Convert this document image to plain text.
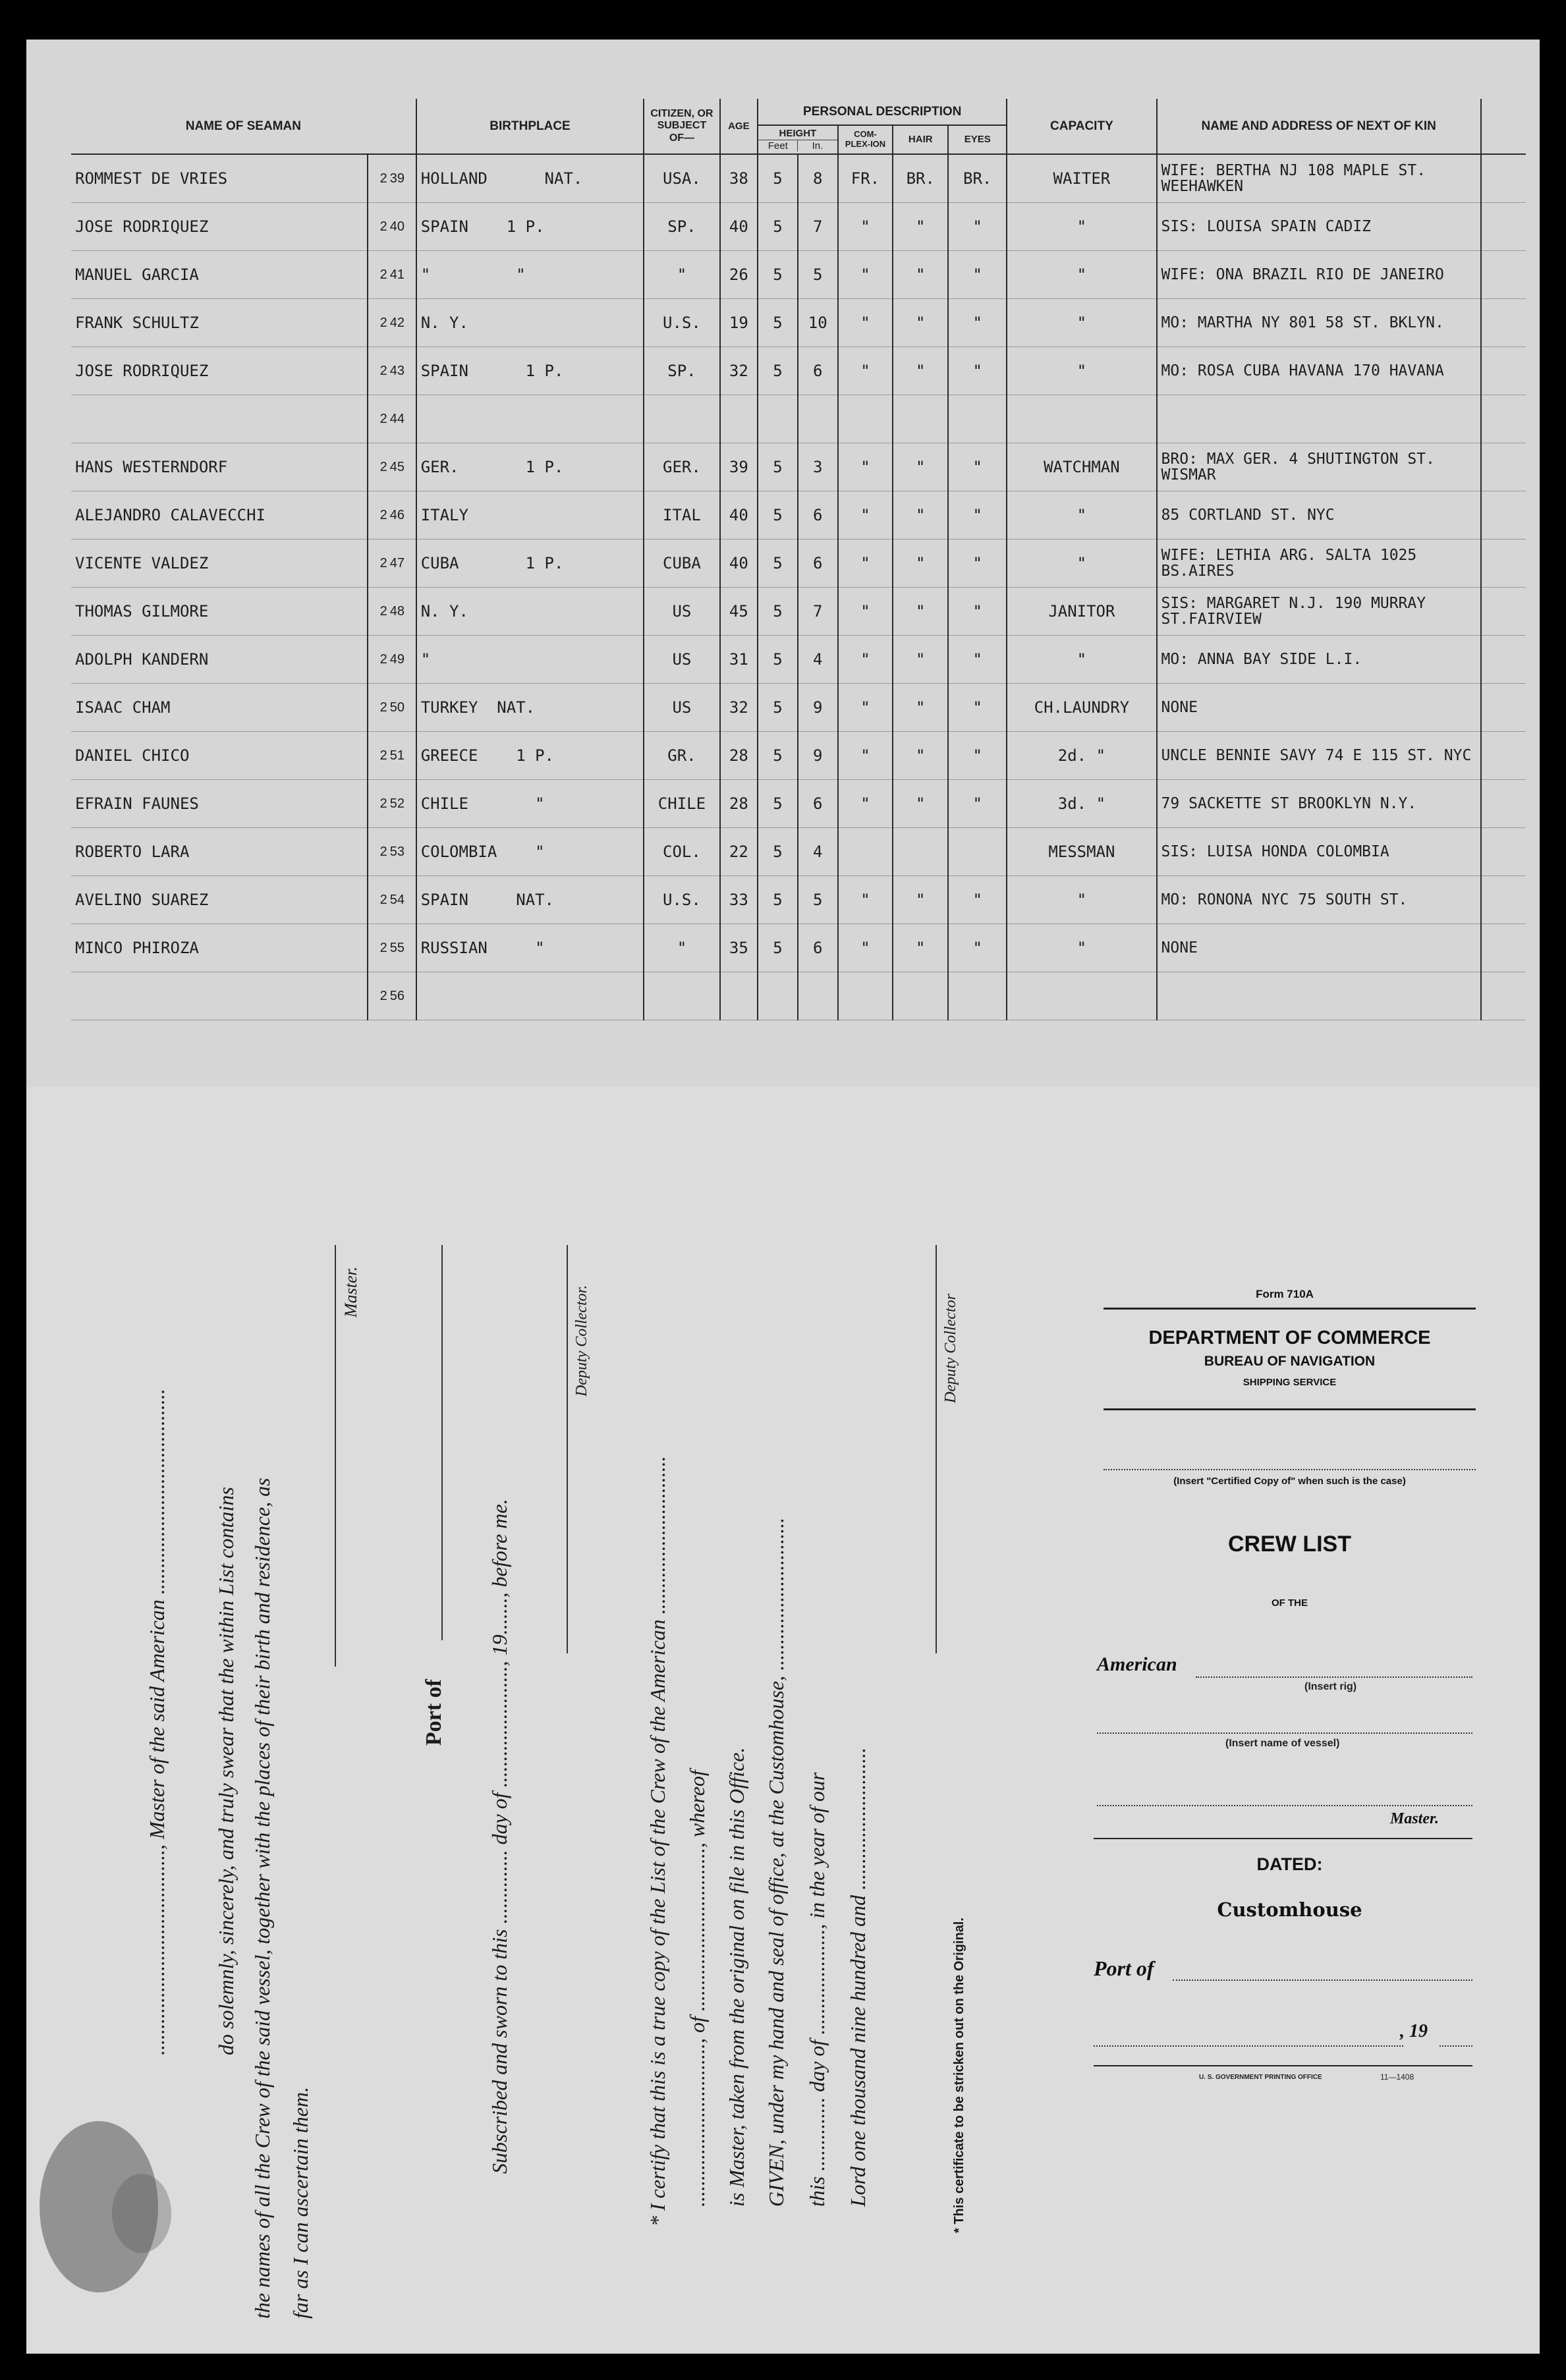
NAME OF SEAMAN			BIRTHPLACE	CITIZEN, OR SUBJECT OF—	AGE	PERSONAL DESCRIPTION					CAPACITY	NAME AND ADDRESS OF NEXT OF KIN	

						HEIGHT
Feet In.		COM-PLEX-ION	HAIR	EYES			
ROMMEST DE VRIES	2	39	HOLLAND      NAT.	USA.	38	5	8	FR.	BR.	BR.	WAITER	WIFE: BERTHA NJ 108 MAPLE ST. WEEHAWKEN	
JOSE RODRIQUEZ	2	40	SPAIN    1 P.	SP.	40	5	7	"	"	"	"	SIS: LOUISA SPAIN CADIZ	
MANUEL GARCIA	2	41	"         "	"	26	5	5	"	"	"	"	WIFE: ONA BRAZIL RIO DE JANEIRO	
FRANK SCHULTZ	2	42	N. Y.	U.S.	19	5	10	"	"	"	"	MO: MARTHA NY 801 58 ST. BKLYN.	
JOSE RODRIQUEZ	2	43	SPAIN      1 P.	SP.	32	5	6	"	"	"	"	MO: ROSA CUBA HAVANA 170 HAVANA	
	2	44											
HANS WESTERNDORF	2	45	GER.       1 P.	GER.	39	5	3	"	"	"	WATCHMAN	BRO: MAX GER. 4 SHUTINGTON ST. WISMAR	
ALEJANDRO CALAVECCHI	2	46	ITALY	ITAL	40	5	6	"	"	"	"	85 CORTLAND ST. NYC	
VICENTE VALDEZ	2	47	CUBA       1 P.	CUBA	40	5	6	"	"	"	"	WIFE: LETHIA ARG. SALTA 1025 BS.AIRES	
THOMAS GILMORE	2	48	N. Y.	US	45	5	7	"	"	"	JANITOR	SIS: MARGARET N.J. 190 MURRAY ST.FAIRVIEW	
ADOLPH KANDERN	2	49	"	US	31	5	4	"	"	"	"	MO: ANNA BAY SIDE L.I.	
ISAAC CHAM	2	50	TURKEY  NAT.	US	32	5	9	"	"	"	CH.LAUNDRY	NONE	
DANIEL CHICO	2	51	GREECE    1 P.	GR.	28	5	9	"	"	"	2d. "	UNCLE BENNIE SAVY 74 E 115 ST. NYC	
EFRAIN FAUNES	2	52	CHILE       "	CHILE	28	5	6	"	"	"	3d. "	79 SACKETTE ST BROOKLYN N.Y.	
ROBERTO LARA	2	53	COLOMBIA    "	COL.	22	5	4				MESSMAN	SIS: LUISA HONDA COLOMBIA	
AVELINO SUAREZ	2	54	SPAIN     NAT.	U.S.	33	5	5	"	"	"	"	MO: RONONA NYC 75 SOUTH ST.	
MINCO PHIROZA	2	55	RUSSIAN     "	"	35	5	6	"	"	"	"	NONE	
	2	56											
......................................., Master of the said American ....................................... do solemnly, sincerely, and truly swear that the within List contains the names of all the Crew of the said vessel, together with the places of their birth and residence, as far as I can ascertain them.
Master.
Port of Subscribed and sworn to this .............. day of ......................., 19......., before me.
Deputy Collector.
* I certify that this is a true copy of the List of the Crew of the American .............................. ..............................., of ..............................., whereof is Master, taken from the original on file in this Office. GIVEN, under my hand and seal of office, at the Customhouse, ............................. this .............. day of ...................., in the year of our Lord one thousand nine hundred and ...........................
Deputy Collector
* This certificate to be stricken out on the Original.
Form 710A
DEPARTMENT OF COMMERCE
BUREAU OF NAVIGATION
SHIPPING SERVICE
(Insert "Certified Copy of" when such is the case)
CREW LIST
OF THE
American
(Insert rig)
(Insert name of vessel)
Master.
DATED:
Customhouse
Port of
, 19
U. S. GOVERNMENT PRINTING OFFICE	11—1408
